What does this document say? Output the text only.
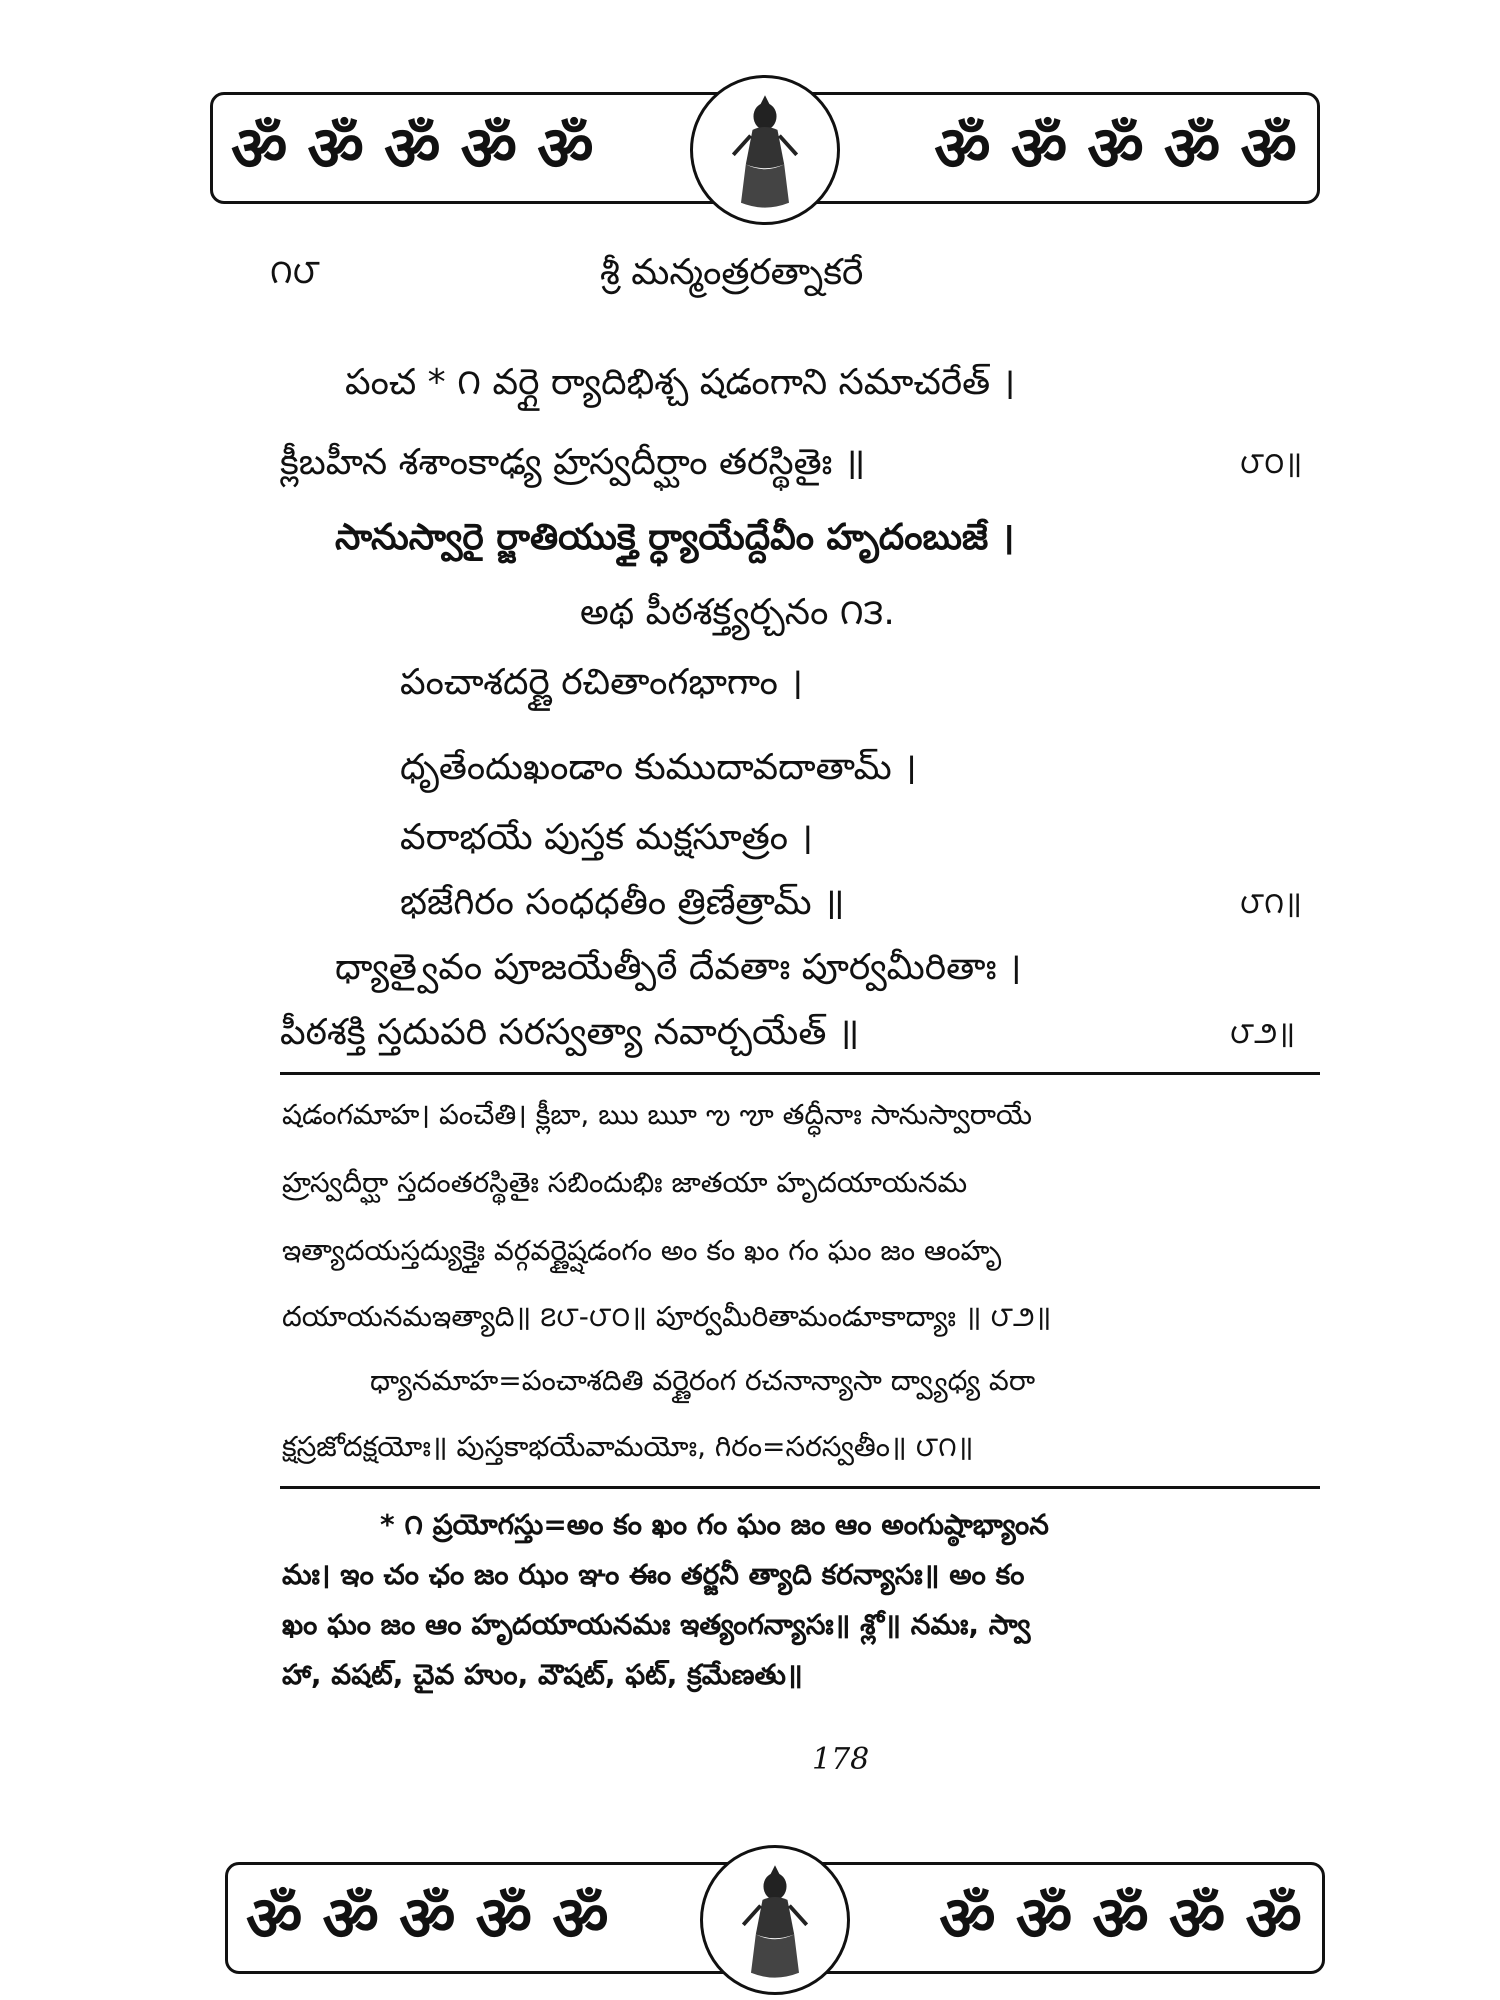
ॐ ॐ ॐ ॐ ॐ	ॐ ॐ ॐ ॐ ॐ
౧౮	శ్రీ మన్మంత్రరత్నాకరే
పంచ * ౧ వర్గై ర్యాదిభిశ్చ షడంగాని సమాచరేత్ ।
క్లీబహీన శశాంకాఢ్య హ్రస్వదీర్ఘాం తరస్థితైః ॥	౮౦॥
సానుస్వారై ర్జాతియుక్తై ర్ధ్యాయేద్దేవీం హృదంబుజే ।
అథ పీఠశక్త్యర్చనం ౧౩.
పంచాశదర్ణై రచితాంగభాగాం ।
ధృతేందుఖండాం కుముదావదాతామ్ ।
వరాభయే పుస్తక మక్షసూత్రం ।
భజేగిరం సంధధతీం త్రిణేత్రామ్ ॥	౮౧॥
ధ్యాత్వైవం పూజయేత్పీఠే దేవతాః పూర్వమీరితాః ।
పీఠశక్తి స్తదుపరి సరస్వత్యా నవార్చయేత్ ॥	౮౨॥
షడంగమాహ। పంచేతి। క్లీబా, ఋ ౠ ఌ ౡ తద్ధీనాః సానుస్వారాయే
హ్రస్వదీర్ఘా స్తదంతరస్థితైః సబిందుభిః జాతయా హృదయాయనమ
ఇత్యాదయస్తద్యుక్తైః వర్గవర్ణైష్షడంగం అం కం ఖం గం ఘం జం ఆంహృ
దయాయనమఇత్యాది॥ ౭౮-౮౦॥ పూర్వమీరితామండూకాద్యాః ॥ ౮౨॥
ధ్యానమాహ=పంచాశదితి వర్ణైరంగ రచనాన్యాసా ద్వ్యాధ్య వరా
క్షస్రజోదక్షయోః॥ పుస్తకాభయేవామయోః, గిరం=సరస్వతీం॥ ౮౧॥
* ౧ ప్రయోగస్తు=అం కం ఖం గం ఘం జం ఆం అంగుష్ఠాభ్యాంన
మః। ఇం చం ఛం జం ఝం ఞం ఈం తర్జనీ త్యాది కరన్యాసః॥ అం కం
ఖం ఘం జం ఆం హృదయాయనమః ఇత్యంగన్యాసః॥ శ్లో॥ నమః, స్వా
హా, వషట్, చైవ హుం, వౌషట్, ఫట్, క్రమేణతు॥
178
ॐ ॐ ॐ ॐ ॐ	ॐ ॐ ॐ ॐ ॐ
